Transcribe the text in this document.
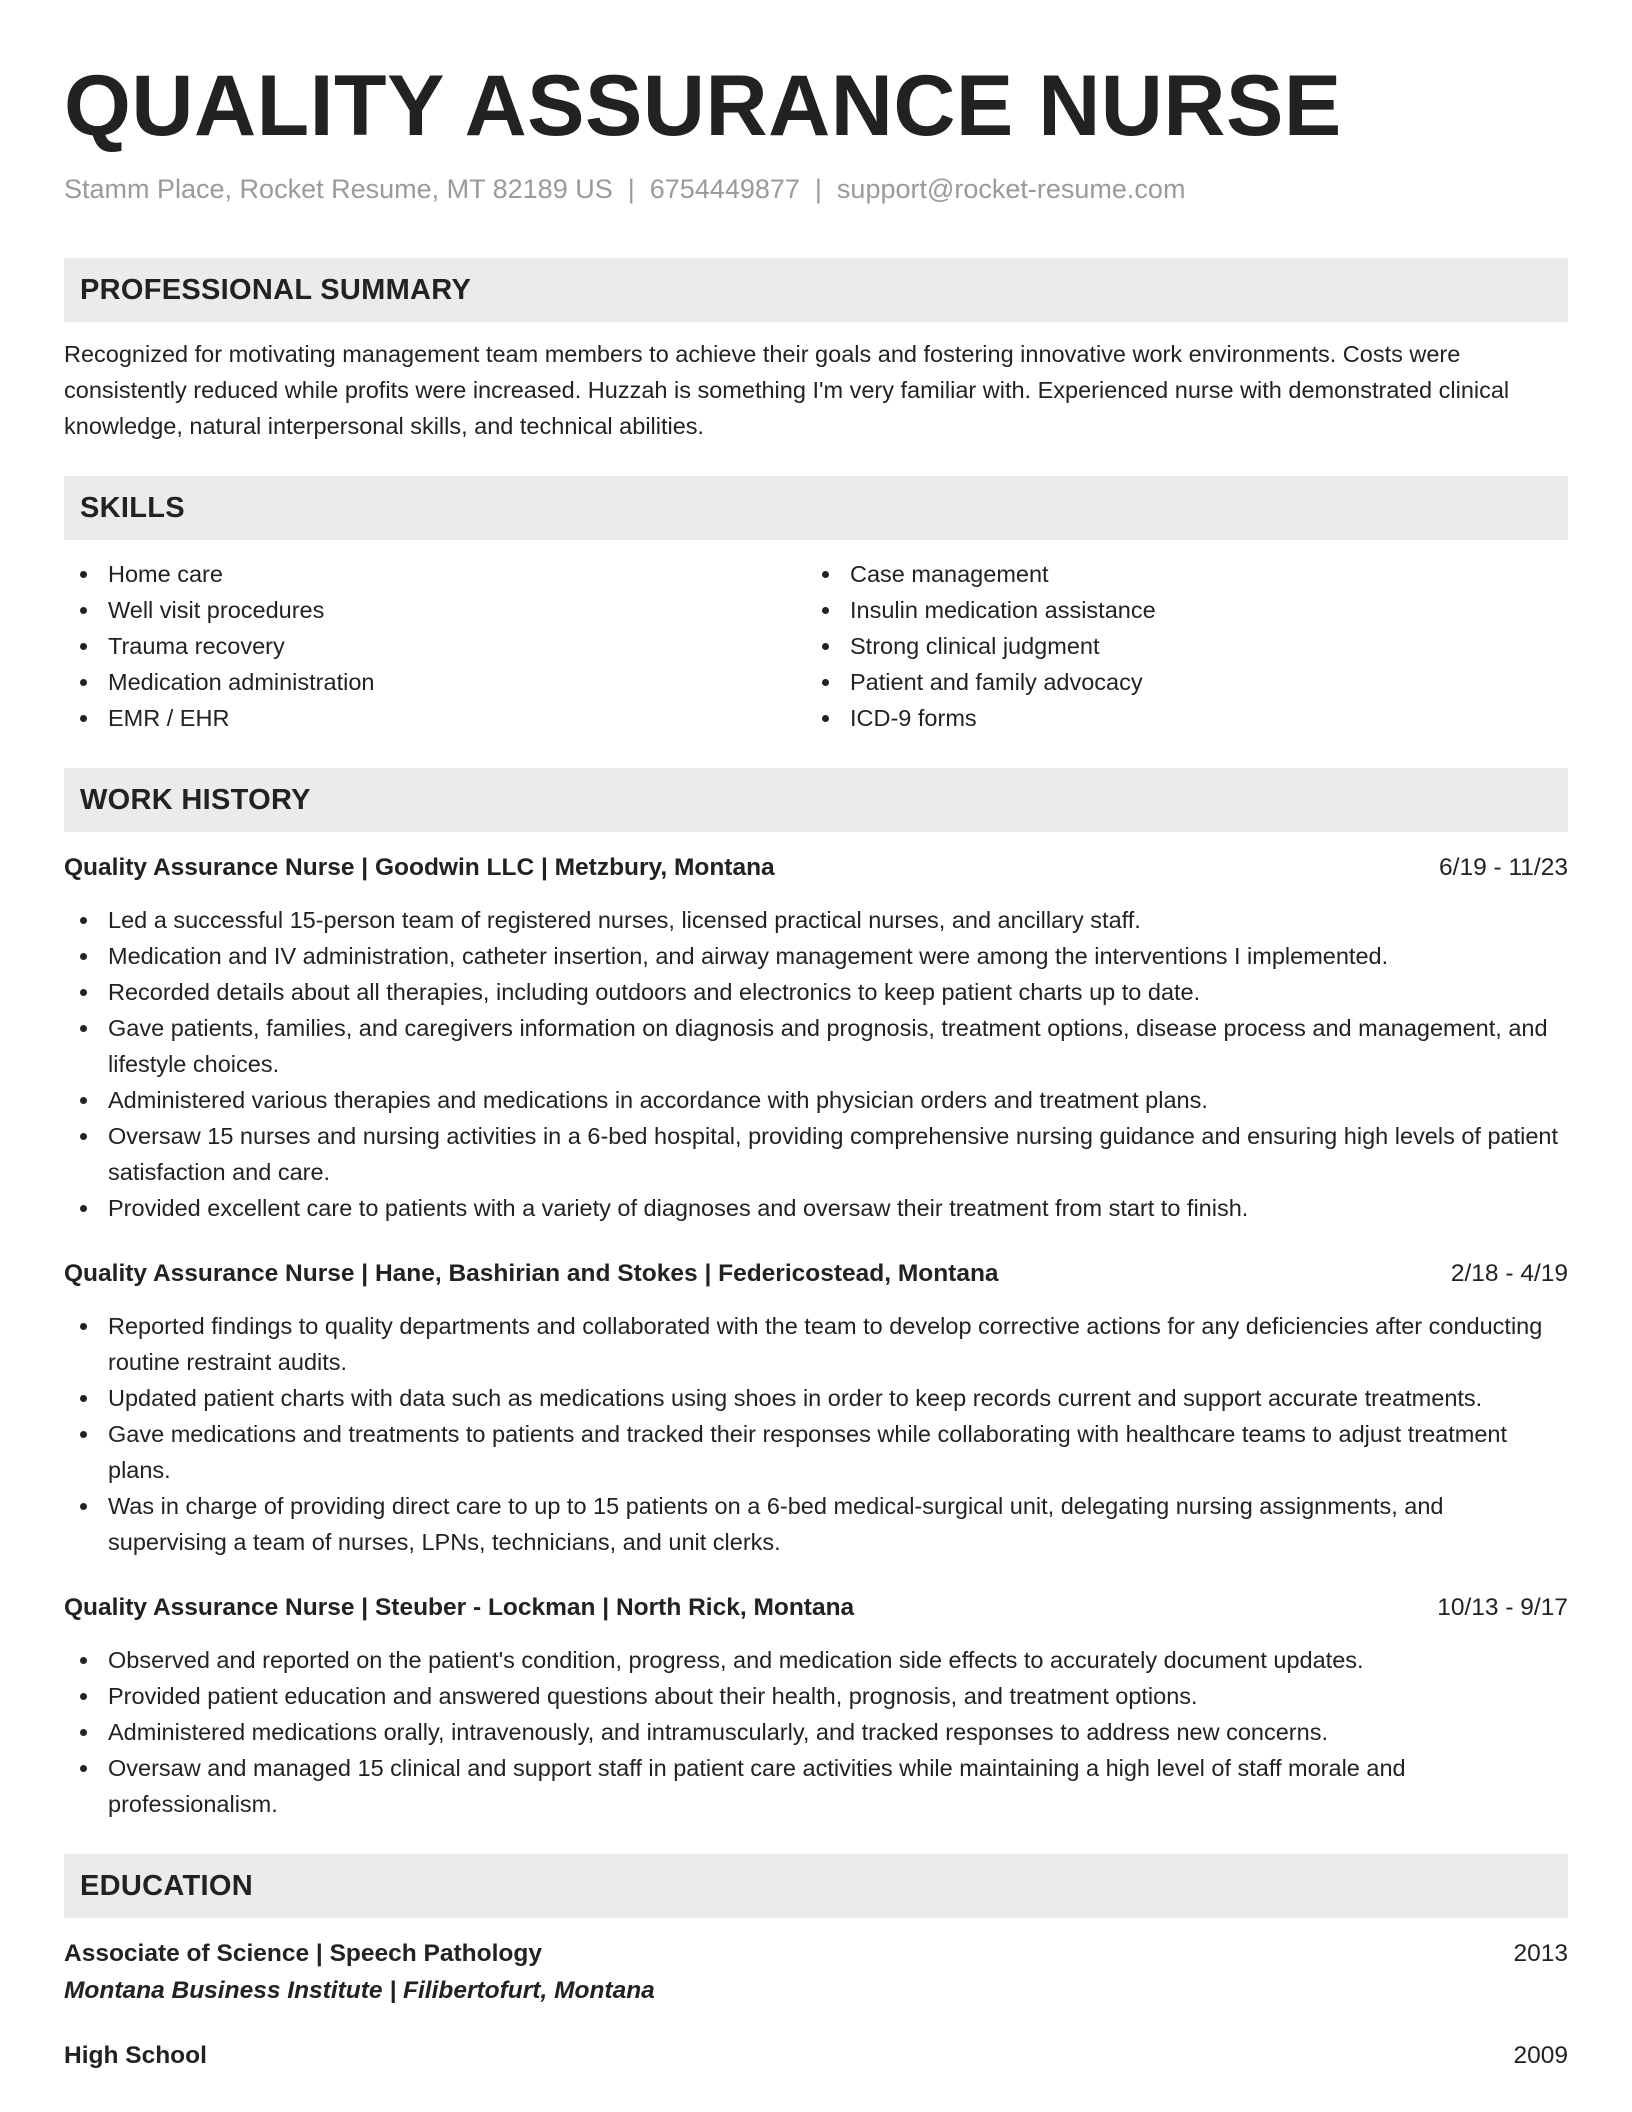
QUALITY ASSURANCE NURSE
Stamm Place, Rocket Resume, MT 82189 US | 6754449877 | support@rocket-resume.com
PROFESSIONAL SUMMARY
Recognized for motivating management team members to achieve their goals and fostering innovative work environments. Costs were consistently reduced while profits were increased. Huzzah is something I'm very familiar with. Experienced nurse with demonstrated clinical knowledge, natural interpersonal skills, and technical abilities.
SKILLS
Home care
Well visit procedures
Trauma recovery
Medication administration
EMR / EHR
Case management
Insulin medication assistance
Strong clinical judgment
Patient and family advocacy
ICD-9 forms
WORK HISTORY
Quality Assurance Nurse | Goodwin LLC | Metzbury, Montana	6/19 - 11/23
Led a successful 15-person team of registered nurses, licensed practical nurses, and ancillary staff.
Medication and IV administration, catheter insertion, and airway management were among the interventions I implemented.
Recorded details about all therapies, including outdoors and electronics to keep patient charts up to date.
Gave patients, families, and caregivers information on diagnosis and prognosis, treatment options, disease process and management, and lifestyle choices.
Administered various therapies and medications in accordance with physician orders and treatment plans.
Oversaw 15 nurses and nursing activities in a 6-bed hospital, providing comprehensive nursing guidance and ensuring high levels of patient satisfaction and care.
Provided excellent care to patients with a variety of diagnoses and oversaw their treatment from start to finish.
Quality Assurance Nurse | Hane, Bashirian and Stokes | Federicostead, Montana	2/18 - 4/19
Reported findings to quality departments and collaborated with the team to develop corrective actions for any deficiencies after conducting routine restraint audits.
Updated patient charts with data such as medications using shoes in order to keep records current and support accurate treatments.
Gave medications and treatments to patients and tracked their responses while collaborating with healthcare teams to adjust treatment plans.
Was in charge of providing direct care to up to 15 patients on a 6-bed medical-surgical unit, delegating nursing assignments, and supervising a team of nurses, LPNs, technicians, and unit clerks.
Quality Assurance Nurse | Steuber - Lockman | North Rick, Montana	10/13 - 9/17
Observed and reported on the patient's condition, progress, and medication side effects to accurately document updates.
Provided patient education and answered questions about their health, prognosis, and treatment options.
Administered medications orally, intravenously, and intramuscularly, and tracked responses to address new concerns.
Oversaw and managed 15 clinical and support staff in patient care activities while maintaining a high level of staff morale and professionalism.
EDUCATION
Associate of Science | Speech Pathology	2013
Montana Business Institute | Filibertofurt, Montana
High School	2009
